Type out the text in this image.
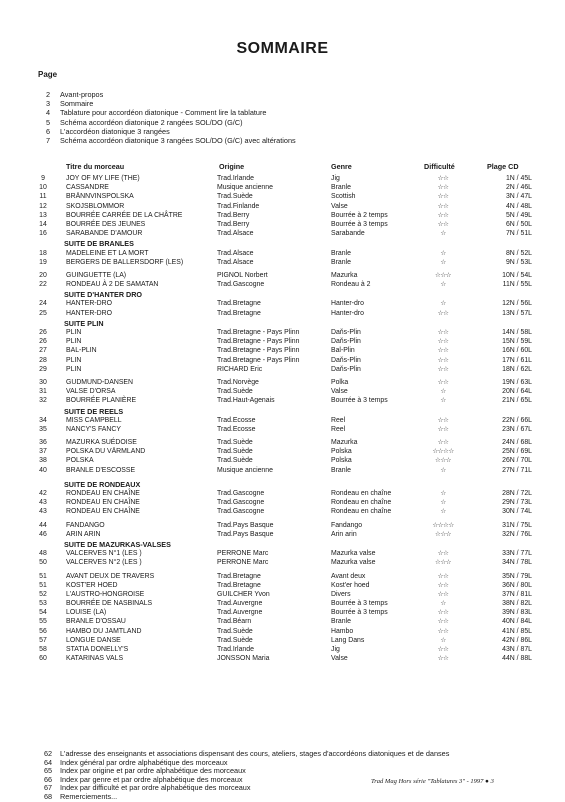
SOMMAIRE
Page
2 Avant-propos
3 Sommaire
4 Tablature pour accordéon diatonique - Comment lire la tablature
5 Schéma accordéon diatonique 2 rangées SOL/DO (G/C)
6 L'accordéon diatonique 3 rangées
7 Schéma accordéon diatonique 3 rangées SOL/DO (G/C) avec altérations
Titre du morceau	Origine	Genre	Difficulté	Plage CD
9	JOY OF MY LIFE (THE)	Trad.Irlande	Jig	☆☆	1N / 45L
10	CASSANDRE	Musique ancienne	Branle	☆☆	2N / 46L
11	BRÄNNVINSPOLSKA	Trad.Suède	Scottish	☆☆	3N / 47L
12	SKOJSBLOMMOR	Trad.Finlande	Valse	☆☆	4N / 48L
13	BOURRÉE CARRÉE DE LA CHÂTRE	Trad.Berry	Bourrée à 2 temps	☆☆	5N / 49L
14	BOURRÉE DES JEUNES	Trad.Berry	Bourrée à 3 temps	☆☆	6N / 50L
16	SARABANDE D'AMOUR	Trad.Alsace	Sarabande	☆	7N / 51L
SUITE DE BRANLES
18	MADELEINE ET LA MORT	Trad.Alsace	Branle	☆	8N / 52L
19	BERGERS DE BALLERSDORF (LES)	Trad.Alsace	Branle	☆	9N / 53L
20	GUINGUETTE (LA)	PIGNOL Norbert	Mazurka	☆☆☆	10N / 54L
22	RONDEAU À 2 DE SAMATAN	Trad.Gascogne	Rondeau à 2	☆	11N / 55L
SUITE D'HANTER DRO
24	HANTER-DRO	Trad.Bretagne	Hanter-dro	☆	12N / 56L
25	HANTER-DRO	Trad.Bretagne	Hanter-dro	☆☆	13N / 57L
SUITE PLIN
26	PLIN	Trad.Bretagne - Pays Plinn	Daňs-Plin	☆☆	14N / 58L
26	PLIN	Trad.Bretagne - Pays Plinn	Daňs-Plin	☆☆	15N / 59L
27	BAL-PLIN	Trad.Bretagne - Pays Plinn	Bal-Plin	☆☆	16N / 60L
28	PLIN	Trad.Bretagne - Pays Plinn	Daňs-Plin	☆☆	17N / 61L
29	PLIN	RICHARD Eric	Daňs-Plin	☆☆	18N / 62L
30	GUDMUND-DANSEN	Trad.Norvège	Polka	☆☆	19N / 63L
31	VALSE D'ORSA	Trad.Suède	Valse	☆	20N / 64L
32	BOURRÉE PLANIÈRE	Trad.Haut-Agenais	Bourrée à 3 temps	☆	21N / 65L
SUITE DE REELS
34	MISS CAMPBELL	Trad.Ecosse	Reel	☆☆	22N / 66L
35	NANCY'S FANCY	Trad.Ecosse	Reel	☆☆	23N / 67L
36	MAZURKA SUÉDOISE	Trad.Suède	Mazurka	☆☆	24N / 68L
37	POLSKA DU VÄRMLAND	Trad.Suède	Polska	☆☆☆☆	25N / 69L
38	POLSKA	Trad.Suède	Polska	☆☆☆	26N / 70L
40	BRANLE D'ESCOSSE	Musique ancienne	Branle	☆	27N / 71L
SUITE DE RONDEAUX
42	RONDEAU EN CHAÎNE	Trad.Gascogne	Rondeau en chaîne	☆	28N / 72L
43	RONDEAU EN CHAÎNE	Trad.Gascogne	Rondeau en chaîne	☆	29N / 73L
43	RONDEAU EN CHAÎNE	Trad.Gascogne	Rondeau en chaîne	☆	30N / 74L
44	FANDANGO	Trad.Pays Basque	Fandango	☆☆☆☆	31N / 75L
46	ARIN ARIN	Trad.Pays Basque	Arin arin	☆☆☆	32N / 76L
SUITE DE MAZURKAS-VALSES
48	VALCERVES N°1 (LES )	PERRONE Marc	Mazurka valse	☆☆	33N / 77L
50	VALCERVES N°2 (LES )	PERRONE Marc	Mazurka valse	☆☆☆	34N / 78L
51	AVANT DEUX DE TRAVERS	Trad.Bretagne	Avant deux	☆☆	35N / 79L
51	KOST'ER HOED	Trad.Bretagne	Kost'er hoed	☆☆	36N / 80L
52	L'AUSTRO-HONGROISE	GUILCHER Yvon	Divers	☆☆	37N / 81L
53	BOURRÉE DE NASBINALS	Trad.Auvergne	Bourrée à 3 temps	☆	38N / 82L
54	LOUISE (LA)	Trad.Auvergne	Bourrée à 3 temps	☆☆	39N / 83L
55	BRANLE D'OSSAU	Trad.Béarn	Branle	☆☆	40N / 84L
56	HAMBO DU JAMTLAND	Trad.Suède	Hambo	☆☆	41N / 85L
57	LONGUE DANSE	Trad.Suède	Lang Dans	☆	42N / 86L
58	STATIA DONELLY'S	Trad.Irlande	Jig	☆☆	43N / 87L
60	KATARINAS VALS	JONSSON Maria	Valse	☆☆	44N / 88L
62 L'adresse des enseignants et associations dispensant des cours, ateliers, stages d'accordéons diatoniques et de danses
64 Index général par ordre alphabétique des morceaux
65 Index par origine et par ordre alphabétique des morceaux
66 Index par genre et par ordre alphabétique des morceaux
67 Index par difficulté et par ordre alphabétique des morceaux
68 Remerciements...
Trad Mag Hors série "Tablatures 3" - 1997 ● 3
